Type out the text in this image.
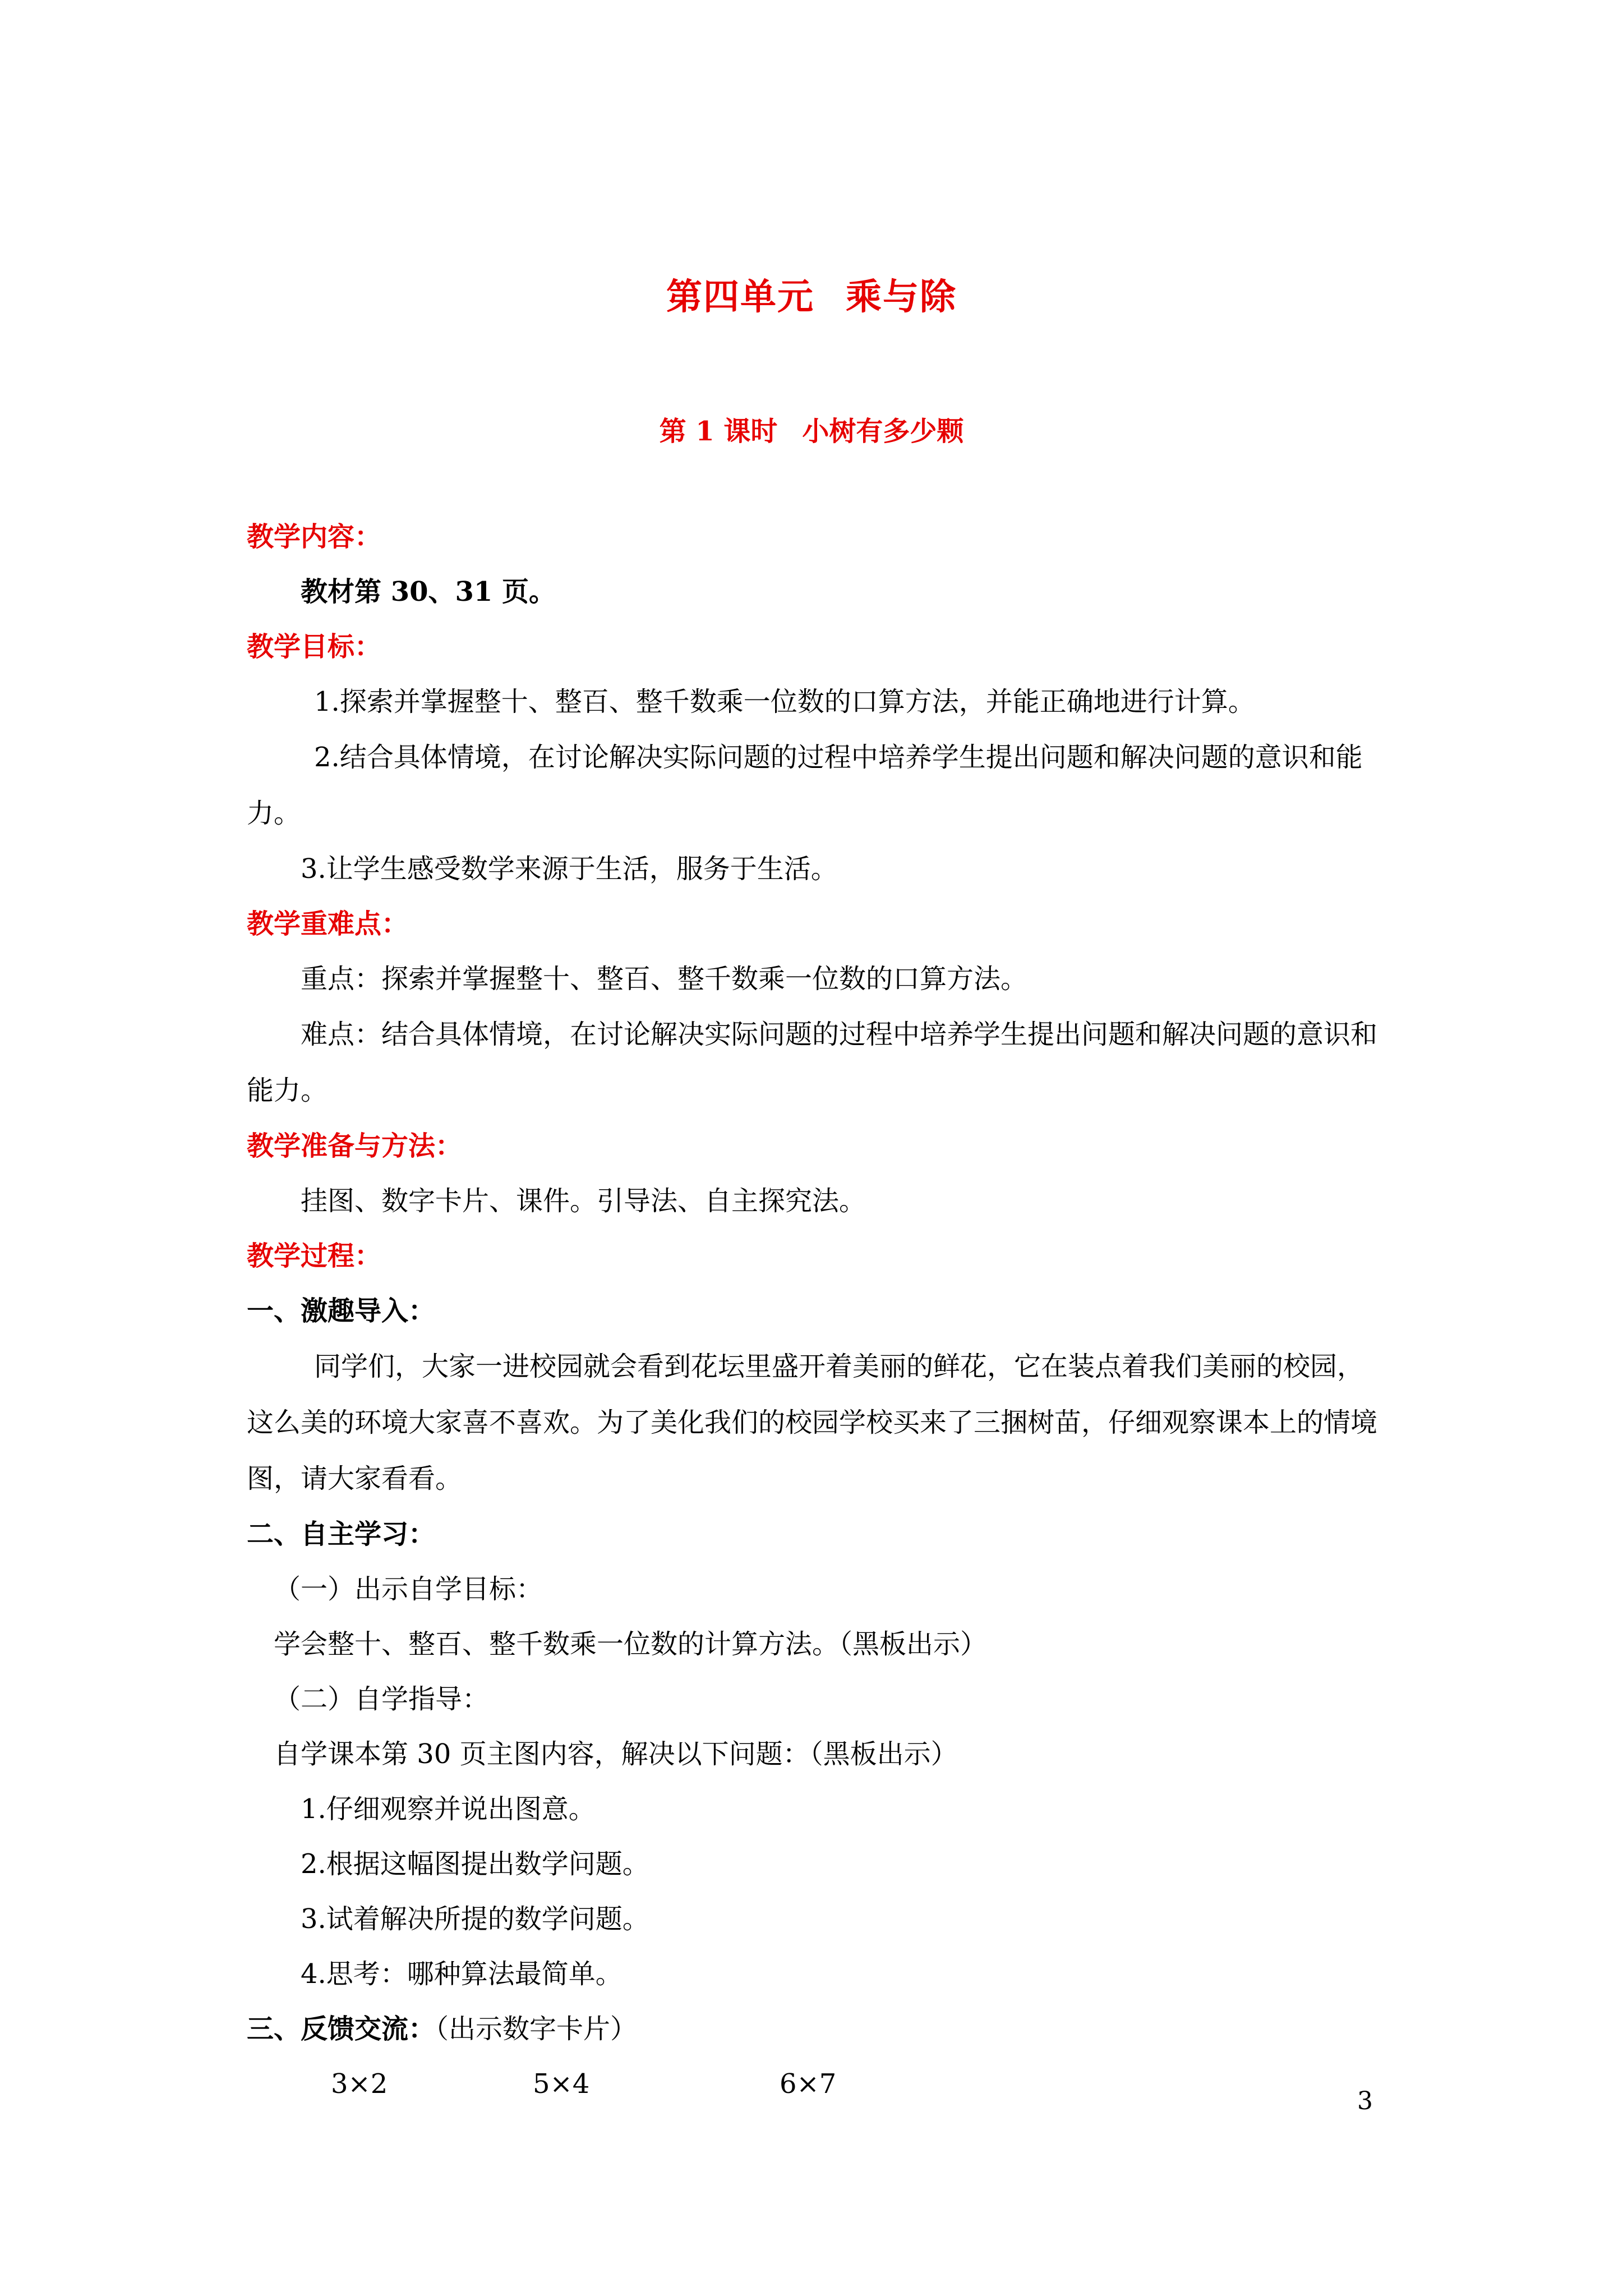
第四单元 乘与除
第 1 课时 小树有多少颗

教学内容：

教材第 30、31 页。

教学目标：

1.探索并掌握整十、整百、整千数乘一位数的口算方法，并能正确地进行计算。

2.结合具体情境，在讨论解决实际问题的过程中培养学生提出问题和解决问题的意识和能力。

3.让学生感受数学来源于生活，服务于生活。

教学重难点：

重点：探索并掌握整十、整百、整千数乘一位数的口算方法。

难点：结合具体情境，在讨论解决实际问题的过程中培养学生提出问题和解决问题的意识和能力。

教学准备与方法：

挂图、数字卡片、课件。引导法、自主探究法。

教学过程：

一、激趣导入：

同学们，大家一进校园就会看到花坛里盛开着美丽的鲜花，它在装点着我们美丽的校园，这么美的环境大家喜不喜欢。为了美化我们的校园学校买来了三捆树苗，仔细观察课本上的情境图，请大家看看。

二、自主学习：

（一）出示自学目标：

学会整十、整百、整千数乘一位数的计算方法。（黑板出示）

（二）自学指导：

自学课本第 30 页主图内容，解决以下问题：（黑板出示）

1.仔细观察并说出图意。

2.根据这幅图提出数学问题。

3.试着解决所提的数学问题。

4.思考：哪种算法最简单。

三、反馈交流：（出示数字卡片）

3×2	5×4	6×7
3
